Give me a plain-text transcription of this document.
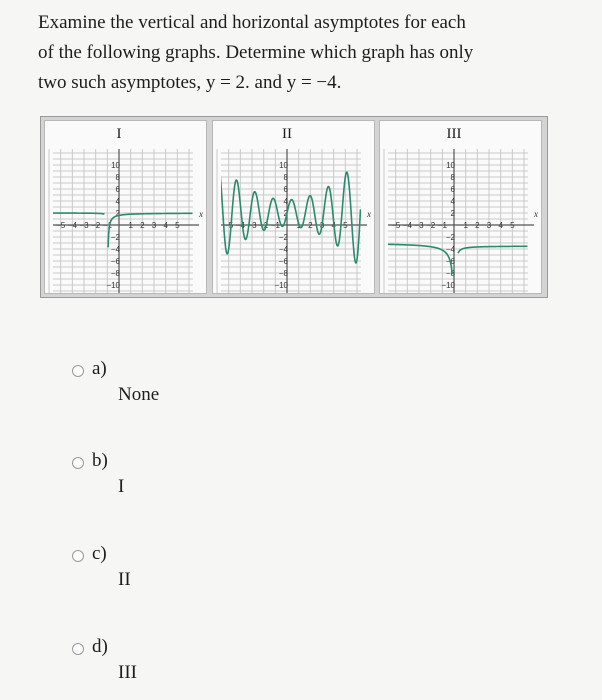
Examine the vertical and horizontal asymptotes for each
of the following graphs. Determine which graph has only
two such asymptotes, y = 2. and y = −4.
I
10
8
6
4
2
−2
−4
−6
−8
−10
−5 −4 −3 −2 −1 1 2 3 4 5
x
II
10
8
6
4
2
−2
−4
−6
−8
−10
−5 −4 −3 −2 −1 1 2 3 4 5
x
III
10
8
6
4
2
−2
−4
−6
−8
−10
−5 −4 −3 −2 −1 1 2 3 4 5
x
a)
None
b)
I
c)
II
d)
III
